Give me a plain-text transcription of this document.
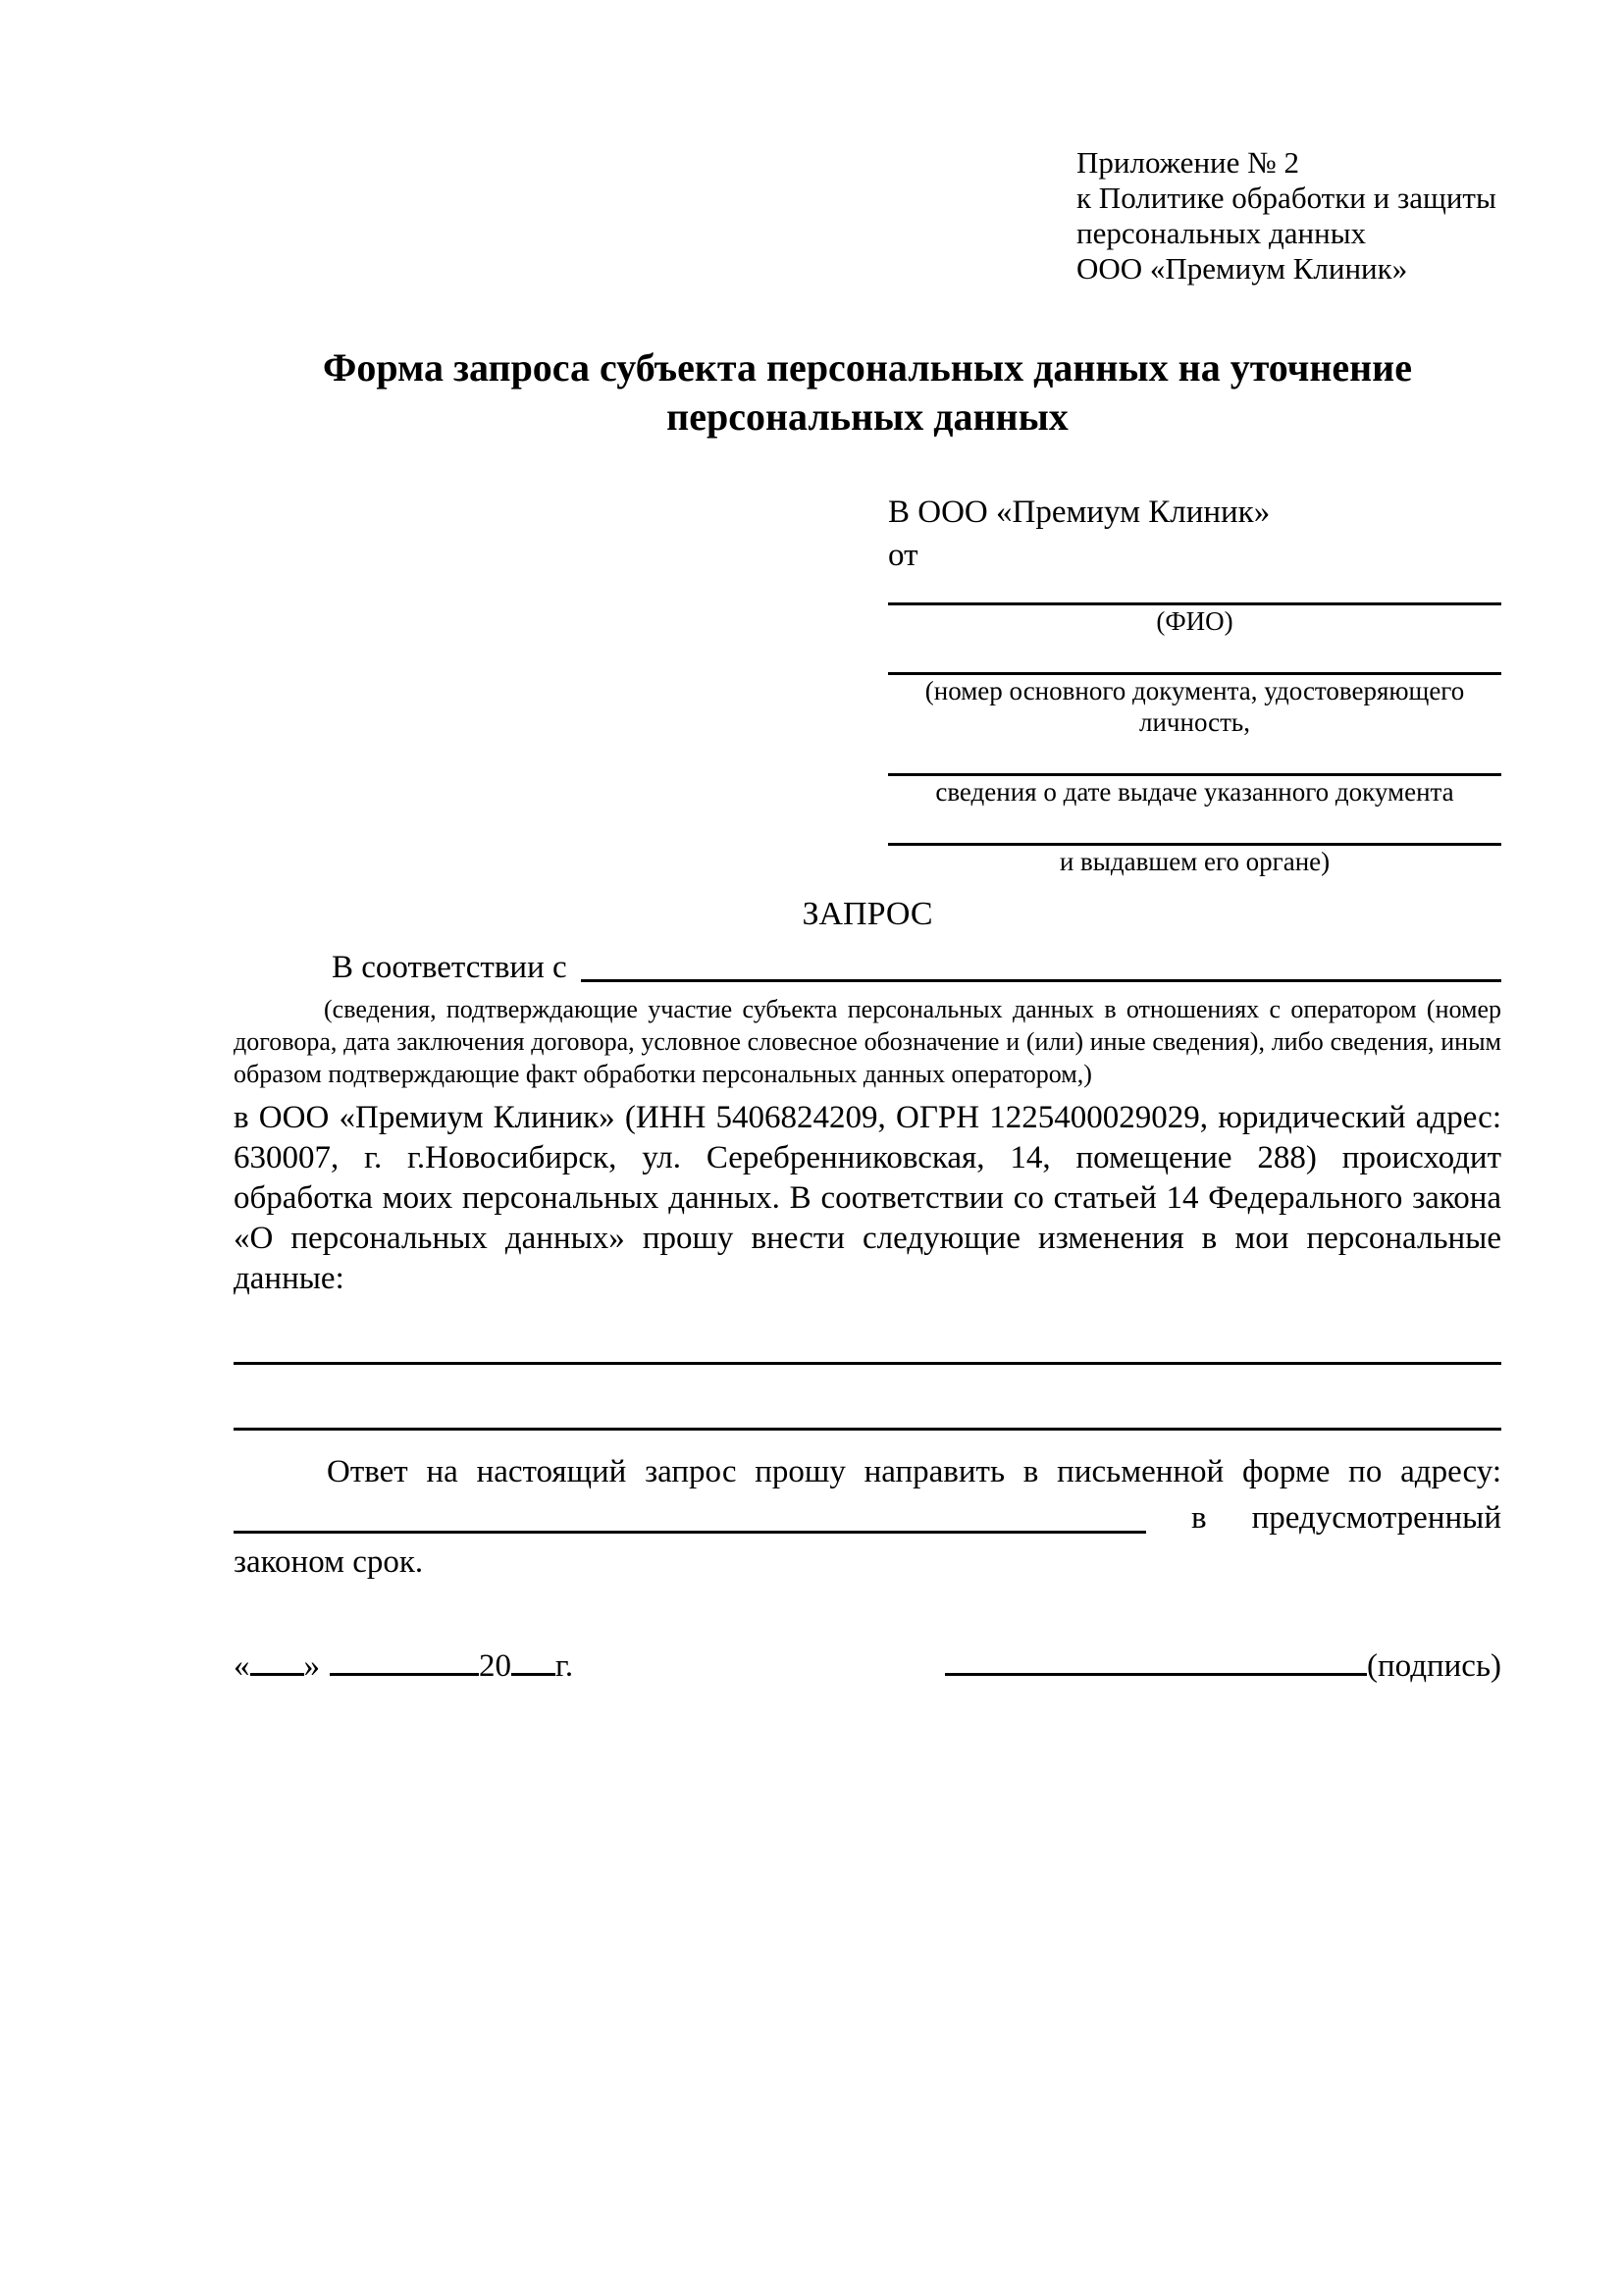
Приложение № 2
к Политике обработки и защиты
персональных данных
ООО «Премиум Клиник»
Форма запроса субъекта персональных данных на уточнение персональных данных
В ООО «Премиум Клиник»
от
(ФИО)
(номер основного документа, удостоверяющего личность,
сведения о дате выдаче указанного документа
и выдавшем его органе)
ЗАПРОС
В соответствии с
(сведения, подтверждающие участие субъекта персональных данных в отношениях с оператором (номер договора, дата заключения договора, условное словесное обозначение и (или) иные сведения), либо сведения, иным образом подтверждающие факт обработки персональных данных оператором,)
в ООО «Премиум Клиник» (ИНН 5406824209, ОГРН 1225400029029, юридический адрес: 630007, г. г.Новосибирск, ул. Серебренниковская, 14, помещение 288) происходит обработка моих персональных данных. В соответствии со статьей 14 Федерального закона «О персональных данных» прошу внести следующие изменения в мои персональные данные:
Ответ на настоящий запрос прошу направить в письменной форме по адресу:
в предусмотренный
законом срок.
« »	20 г.	(подпись)
